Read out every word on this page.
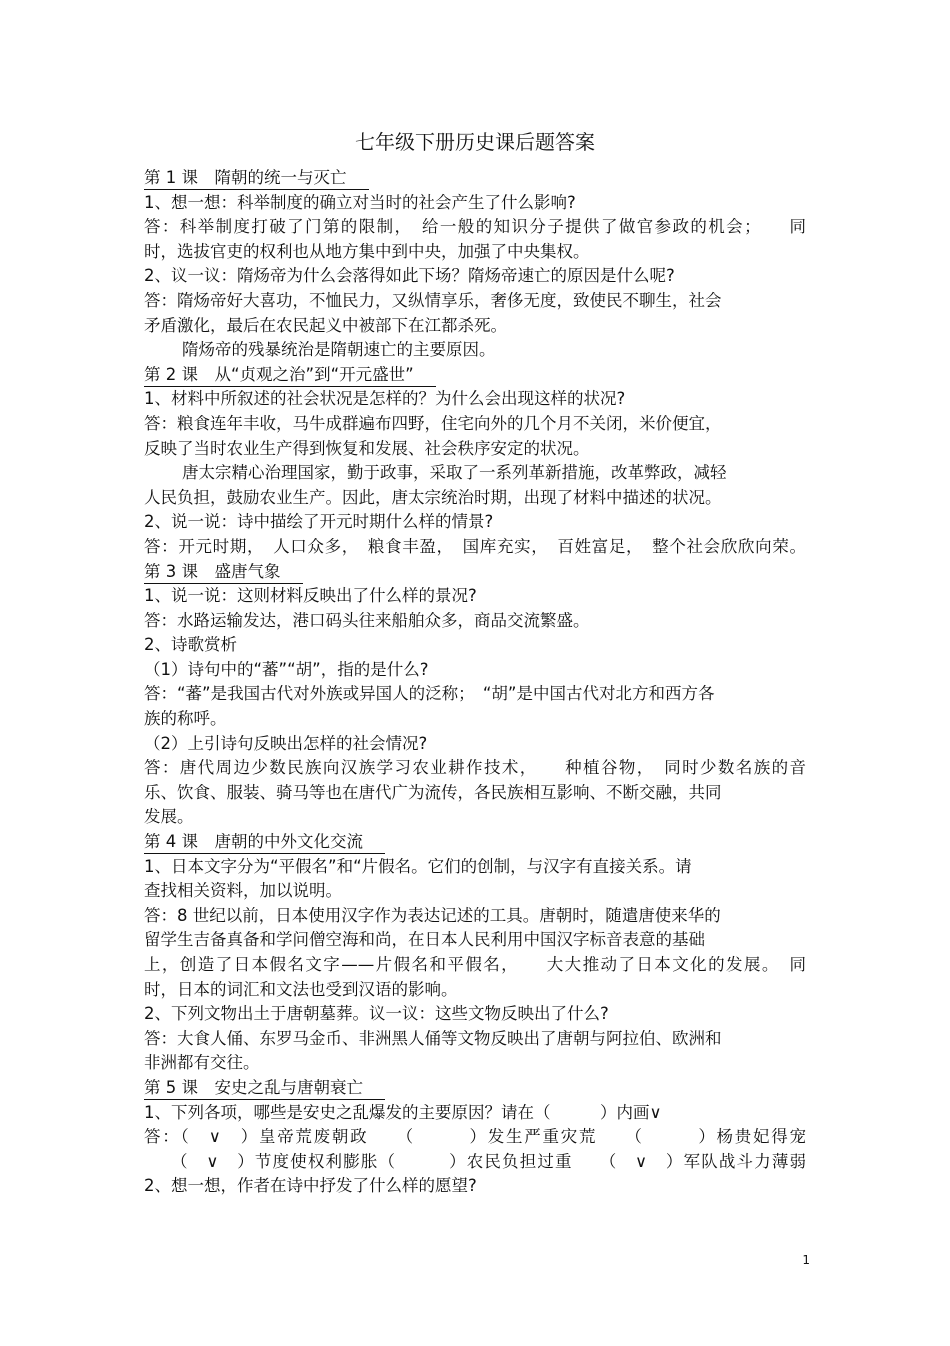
七年级下册历史课后题答案
第 1 课　隋朝的统一与灭亡
1、想一想：科举制度的确立对当时的社会产生了什么影响?
答：科举制度打破了门第的限制，　给一般的知识分子提供了做官参政的机会；　　同
时，选拔官吏的权利也从地方集中到中央，加强了中央集权。
2、议一议：隋炀帝为什么会落得如此下场？隋炀帝速亡的原因是什么呢?
答：隋炀帝好大喜功，不恤民力，又纵情享乐，奢侈无度，致使民不聊生，社会
矛盾激化，最后在农民起义中被部下在江都杀死。
隋炀帝的残暴统治是隋朝速亡的主要原因。
第 2 课　从“贞观之治”到“开元盛世”
1、材料中所叙述的社会状况是怎样的？为什么会出现这样的状况?
答：粮食连年丰收，马牛成群遍布四野，住宅向外的几个月不关闭，米价便宜，
反映了当时农业生产得到恢复和发展、社会秩序安定的状况。
唐太宗精心治理国家，勤于政事，采取了一系列革新措施，改革弊政，减轻
人民负担，鼓励农业生产。因此，唐太宗统治时期，出现了材料中描述的状况。
2、说一说：诗中描绘了开元时期什么样的情景?
答：开元时期，　人口众多，　粮食丰盈，　国库充实，　百姓富足，　整个社会欣欣向荣。
第 3 课　盛唐气象
1、说一说：这则材料反映出了什么样的景况?
答：水路运输发达，港口码头往来船舶众多，商品交流繁盛。
2、诗歌赏析
（1）诗句中的“蕃”“胡”，指的是什么?
答：“蕃”是我国古代对外族或异国人的泛称；　“胡”是中国古代对北方和西方各
族的称呼。
（2）上引诗句反映出怎样的社会情况?
答：唐代周边少数民族向汉族学习农业耕作技术，　　种植谷物，　同时少数名族的音
乐、饮食、服装、骑马等也在唐代广为流传，各民族相互影响、不断交融，共同
发展。
第 4 课　唐朝的中外文化交流
1、日本文字分为“平假名”和“片假名。它们的创制，与汉字有直接关系。请
查找相关资料，加以说明。
答：8 世纪以前，日本使用汉字作为表达记述的工具。唐朝时，随遣唐使来华的
留学生吉备真备和学问僧空海和尚，在日本人民利用中国汉字标音表意的基础
上，创造了日本假名文字——片假名和平假名，　　大大推动了日本文化的发展。　同
时，日本的词汇和文法也受到汉语的影响。
2、下列文物出土于唐朝墓葬。议一议：这些文物反映出了什么?
答：大食人俑、东罗马金币、非洲黑人俑等文物反映出了唐朝与阿拉伯、欧洲和
非洲都有交往。
第 5 课　安史之乱与唐朝衰亡
1、下列各项，哪些是安史之乱爆发的主要原因？请在（　　　）内画∨
答：（　∨　）皇帝荒废朝政　　（　　　）发生严重灾荒　　（　　　）杨贵妃得宠
　　（　∨　）节度使权利膨胀（　　　）农民负担过重　　（　∨　）军队战斗力薄弱
2、想一想，作者在诗中抒发了什么样的愿望?
1
